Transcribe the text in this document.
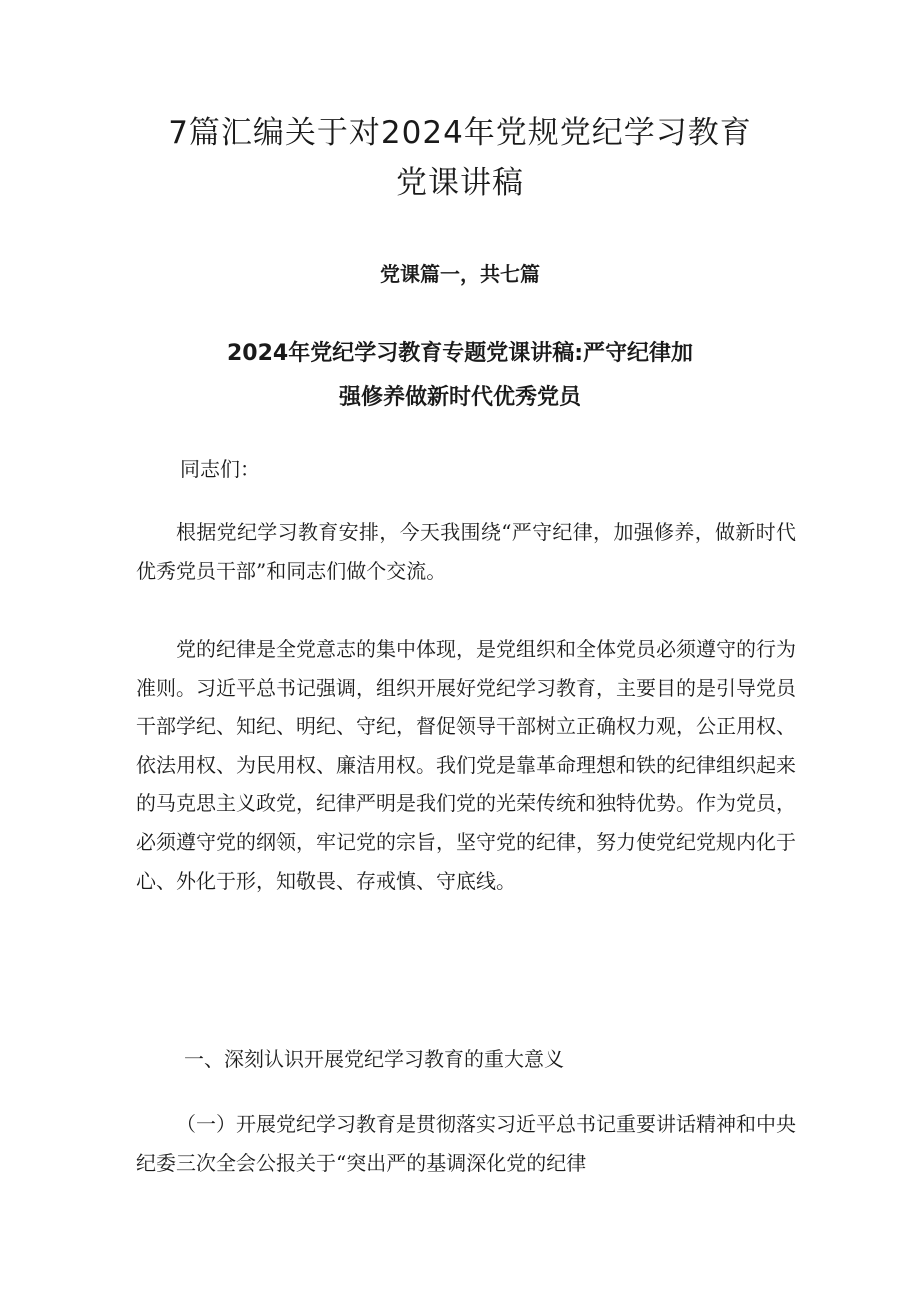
7篇汇编关于对2024年党规党纪学习教育
党课讲稿

党课篇一，共七篇

2024年党纪学习教育专题党课讲稿:严守纪律加
强修养做新时代优秀党员

同志们：

根据党纪学习教育安排，今天我围绕“严守纪律，加强修养，做新时代优秀党员干部”和同志们做个交流。

党的纪律是全党意志的集中体现，是党组织和全体党员必须遵守的行为准则。习近平总书记强调，组织开展好党纪学习教育，主要目的是引导党员干部学纪、知纪、明纪、守纪，督促领导干部树立正确权力观，公正用权、依法用权、为民用权、廉洁用权。我们党是靠革命理想和铁的纪律组织起来的马克思主义政党，纪律严明是我们党的光荣传统和独特优势。作为党员，必须遵守党的纲领，牢记党的宗旨，坚守党的纪律，努力使党纪党规内化于心、外化于形，知敬畏、存戒慎、守底线。

一、深刻认识开展党纪学习教育的重大意义

（一）开展党纪学习教育是贯彻落实习近平总书记重要讲话精神和中央纪委三次全会公报关于“突出严的基调深化党的纪律
